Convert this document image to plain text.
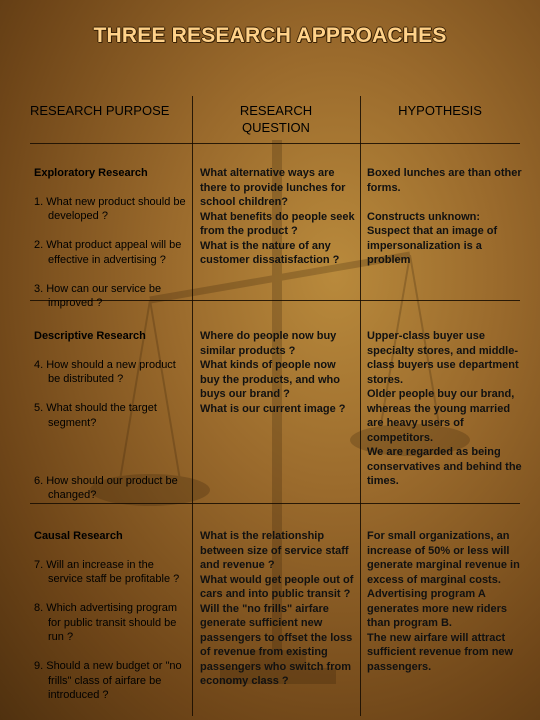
THREE RESEARCH APPROACHES
RESEARCH PURPOSE	RESEARCH
QUESTION
HYPOTHESIS

Exploratory Research

1. What new product should be developed ?

2. What product appeal will be effective in advertising ?

3. How can our service be improved ?

What alternative ways are there to provide lunches for school children?
What benefits do people seek from the product ?
What is the nature of any customer dissatisfaction ?
Boxed lunches are than other forms.

Constructs unknown: Suspect that an image of impersonalization is a problem

Descriptive Research

4. How should a new product be distributed ?

5. What should the target segment?

6. How should our product be changed?

Where do people now buy similar products ?
What kinds of people now buy the products, and who buys our brand ?
What is our current image ?
Upper-class buyer use specialty stores, and middle-class buyers use department stores.
Older people buy our brand, whereas the young married are heavy users of competitors.
We are regarded as being conservatives and behind the times.

Causal Research

7. Will an increase in the service staff be profitable ?

8. Which advertising program for public transit should be run ?

9. Should a new budget or "no frills" class of airfare be introduced ?

What is the relationship between size of service staff and revenue ?
What would get people out of cars and into public transit ?
Will the "no frills" airfare generate sufficient new passengers to offset the loss of revenue from existing passengers who switch from economy class ?
For small organizations, an increase of 50% or less will generate marginal revenue in excess of marginal costs.
Advertising program A generates more new riders than program B.
The new airfare will attract sufficient revenue from new passengers.
